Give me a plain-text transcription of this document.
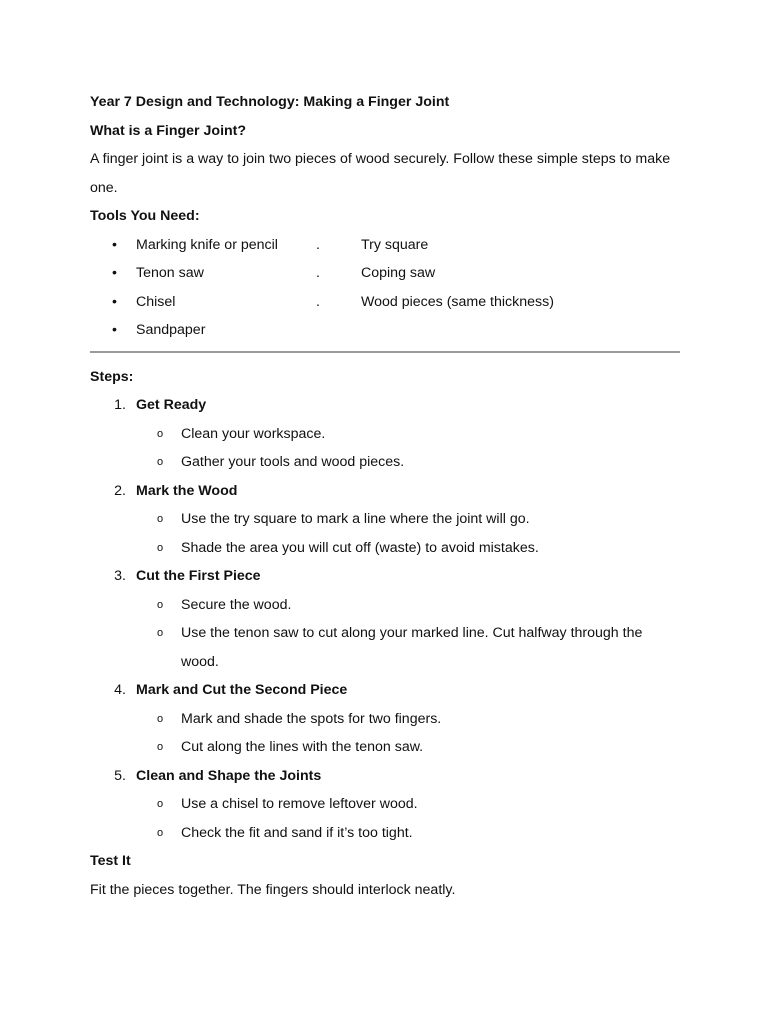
Year 7 Design and Technology: Making a Finger Joint
What is a Finger Joint?
A finger joint is a way to join two pieces of wood securely. Follow these simple steps to make one.
Tools You Need:
• Marking knife or pencil	.	Try square
• Tenon saw	.	Coping saw
• Chisel	.	Wood pieces (same thickness)
• Sandpaper
Steps:
1. Get Ready
o Clean your workspace.
o Gather your tools and wood pieces.
2. Mark the Wood
o Use the try square to mark a line where the joint will go.
o Shade the area you will cut off (waste) to avoid mistakes.
3. Cut the First Piece
o Secure the wood.
o Use the tenon saw to cut along your marked line. Cut halfway through the wood.
4. Mark and Cut the Second Piece
o Mark and shade the spots for two fingers.
o Cut along the lines with the tenon saw.
5. Clean and Shape the Joints
o Use a chisel to remove leftover wood.
o Check the fit and sand if it’s too tight.
Test It
Fit the pieces together. The fingers should interlock neatly.
